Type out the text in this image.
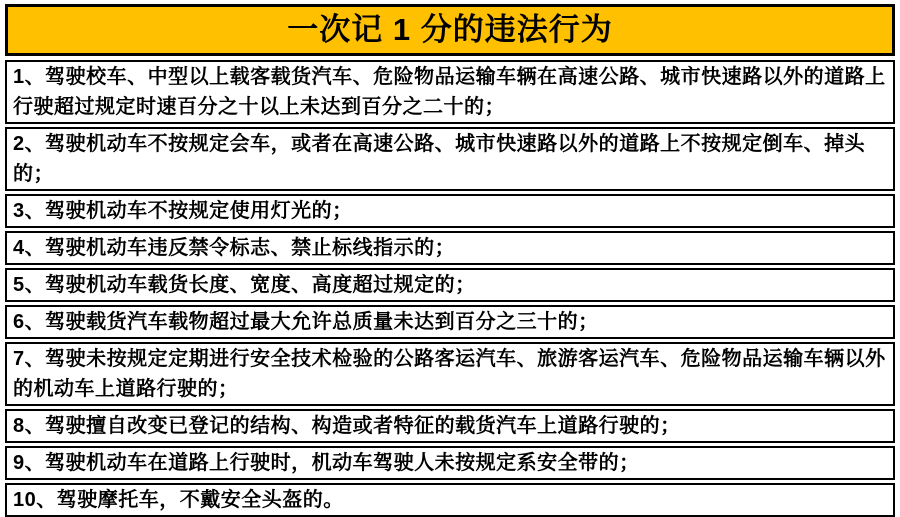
一次记 1 分的违法行为
1、驾驶校车、中型以上载客载货汽车、危险物品运输车辆在高速公路、城市快速路以外的道路上行驶超过规定时速百分之十以上未达到百分之二十的；
2、驾驶机动车不按规定会车，或者在高速公路、城市快速路以外的道路上不按规定倒车、掉头的；
3、驾驶机动车不按规定使用灯光的；
4、驾驶机动车违反禁令标志、禁止标线指示的；
5、驾驶机动车载货长度、宽度、高度超过规定的；
6、驾驶载货汽车载物超过最大允许总质量未达到百分之三十的；
7、驾驶未按规定定期进行安全技术检验的公路客运汽车、旅游客运汽车、危险物品运输车辆以外的机动车上道路行驶的；
8、驾驶擅自改变已登记的结构、构造或者特征的载货汽车上道路行驶的；
9、驾驶机动车在道路上行驶时，机动车驾驶人未按规定系安全带的；
10、驾驶摩托车，不戴安全头盔的。
